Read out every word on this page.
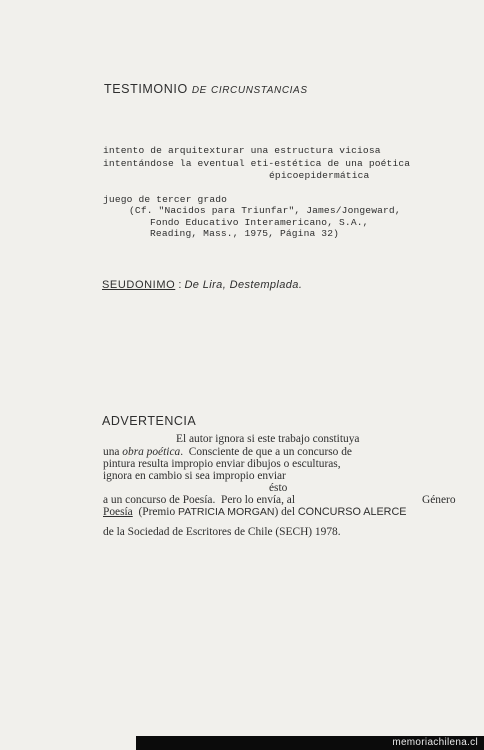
TESTIMONIO DE CIRCUNSTANCIAS
intento de arquitexturar una estructura viciosa
intentándose la eventual eti-estética de una poética
épicoepidermática
juego de tercer grado
(Cf. "Nacidos para Triunfar", James/Jongeward,
Fondo Educativo Interamericano, S.A.,
Reading, Mass., 1975, Página 32)
SEUDONIMO : De Lira, Destemplada.
ADVERTENCIA
El autor ignora si este trabajo constituya
una obra poética.  Consciente de que a un concurso de
pintura resulta impropio enviar dibujos o esculturas,
ignora en cambio si sea impropio enviar
ésto
a un concurso de Poesía.  Pero lo envía, al	Género
Poesía  (Premio PATRICIA MORGAN) del CONCURSO ALERCE
de la Sociedad de Escritores de Chile (SECH) 1978.
memoriachilena.cl
